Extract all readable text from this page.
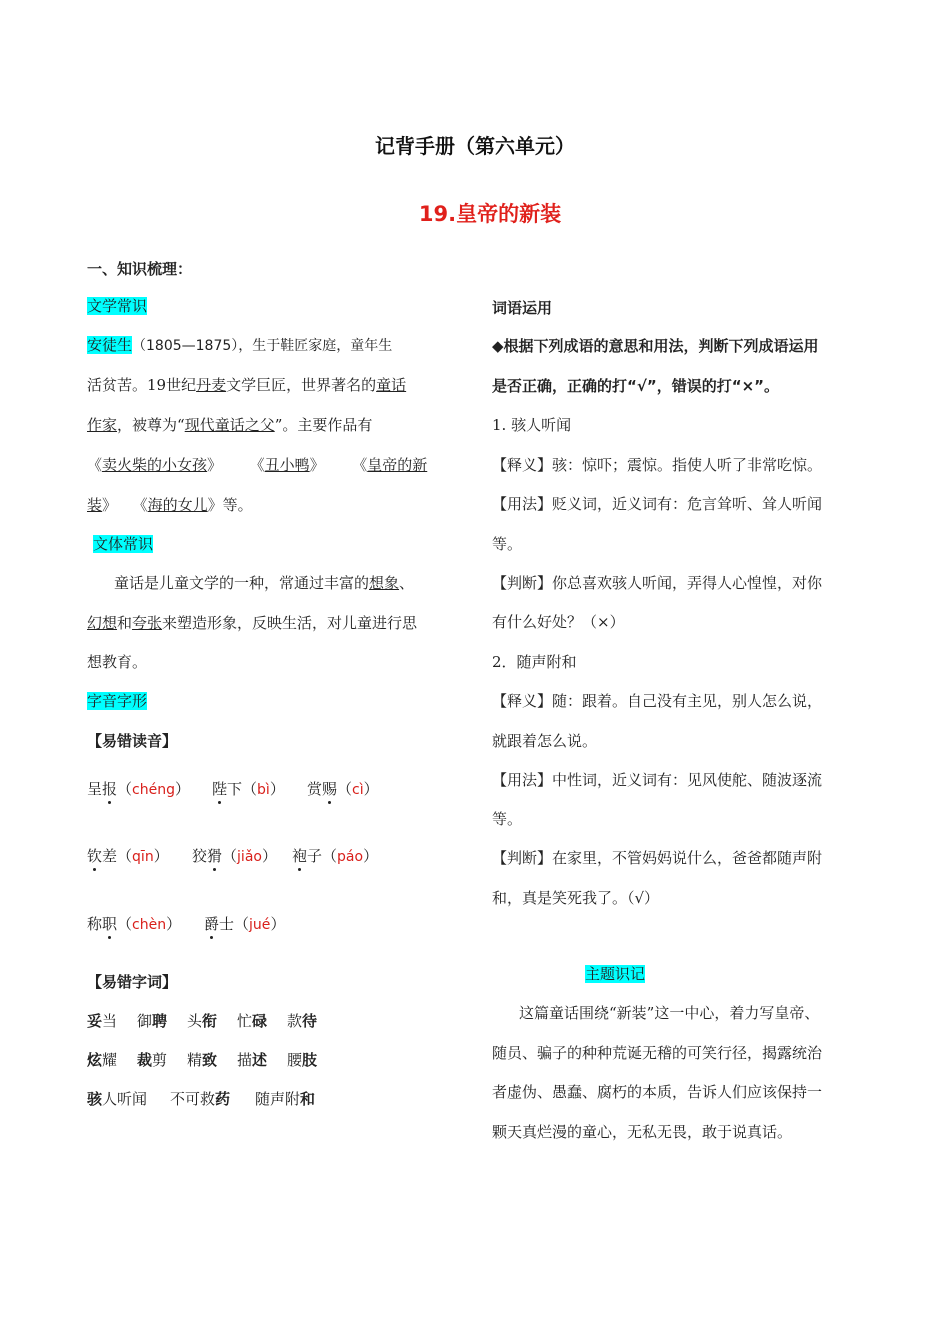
记背手册（第六单元）
19.皇帝的新装
一、知识梳理：
文学常识
安徒生（1805—1875），生于鞋匠家庭，童年生
活贫苦。19世纪丹麦文学巨匠，世界著名的童话
作家，被尊为“现代童话之父”。主要作品有
《卖火柴的小女孩》 《丑小鸭》 《皇帝的新
装》 《海的女儿》等。
文体常识
童话是儿童文学的一种，常通过丰富的想象、
幻想和夸张来塑造形象，反映生活，对儿童进行思
想教育。
字音字形
【易错读音】
呈报（chéng） 陛下（bì） 赏赐（cì）
钦差（qīn） 狡猾（jiǎo） 袍子（páo）
称职（chèn） 爵士（jué）
【易错字词】
妥当 御聘 头衔 忙碌 款待
炫耀 裁剪 精致 描述 腰肢
骇人听闻 不可救药 随声附和
词语运用
◆根据下列成语的意思和用法，判断下列成语运用
是否正确，正确的打“√”，错误的打“×”。
1. 骇人听闻
【释义】骇：惊吓；震惊。指使人听了非常吃惊。
【用法】贬义词，近义词有：危言耸听、耸人听闻
等。
【判断】你总喜欢骇人听闻，弄得人心惶惶，对你
有什么好处？（×）
2．随声附和
【释义】随：跟着。自己没有主见，别人怎么说，
就跟着怎么说。
【用法】中性词，近义词有：见风使舵、随波逐流
等。
【判断】在家里，不管妈妈说什么，爸爸都随声附
和，真是笑死我了。（√）
主题识记
这篇童话围绕“新装”这一中心，着力写皇帝、
随员、骗子的种种荒诞无稽的可笑行径，揭露统治
者虚伪、愚蠢、腐朽的本质，告诉人们应该保持一
颗天真烂漫的童心，无私无畏，敢于说真话。
